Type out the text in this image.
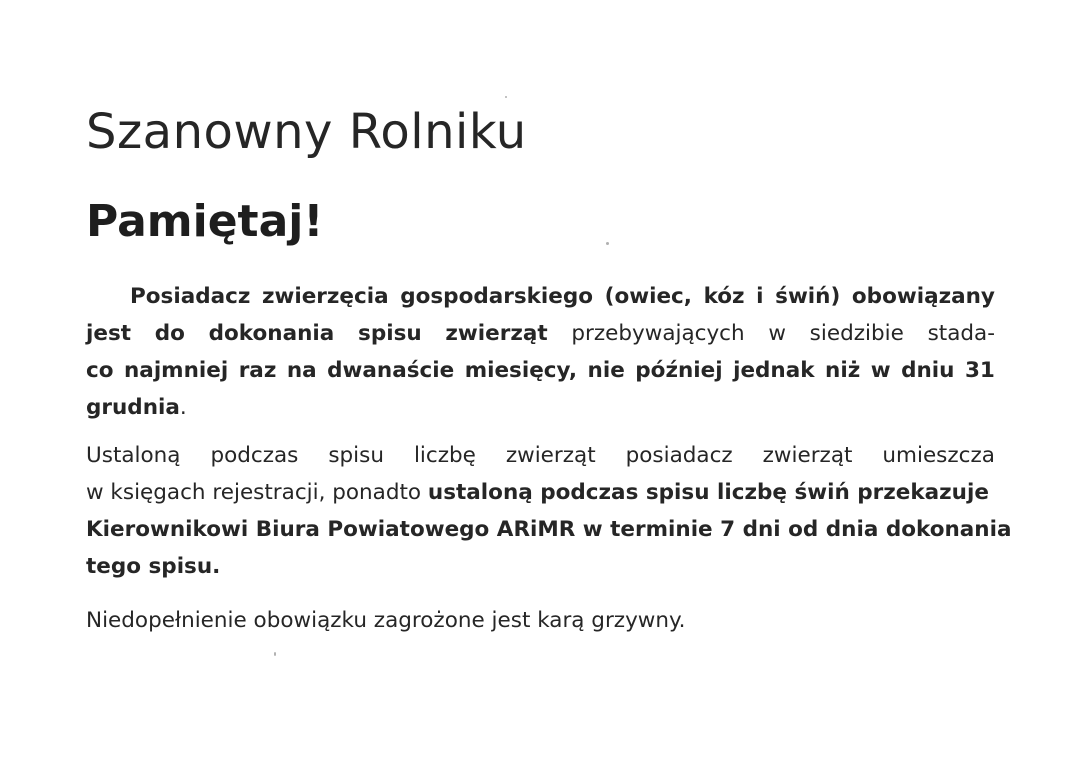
Szanowny Rolniku
Pamiętaj!
Posiadacz zwierzęcia gospodarskiego (owiec, kóz i świń) obowiązany
jest do dokonania spisu zwierząt przebywających w siedzibie stada-
co najmniej raz na dwanaście miesięcy, nie później jednak niż w dniu 31
grudnia.
Ustaloną podczas spisu liczbę zwierząt posiadacz zwierząt umieszcza
w księgach rejestracji, ponadto ustaloną podczas spisu liczbę świń przekazuje
Kierownikowi Biura Powiatowego ARiMR w terminie 7 dni od dnia dokonania
tego spisu.
Niedopełnienie obowiązku zagrożone jest karą grzywny.
